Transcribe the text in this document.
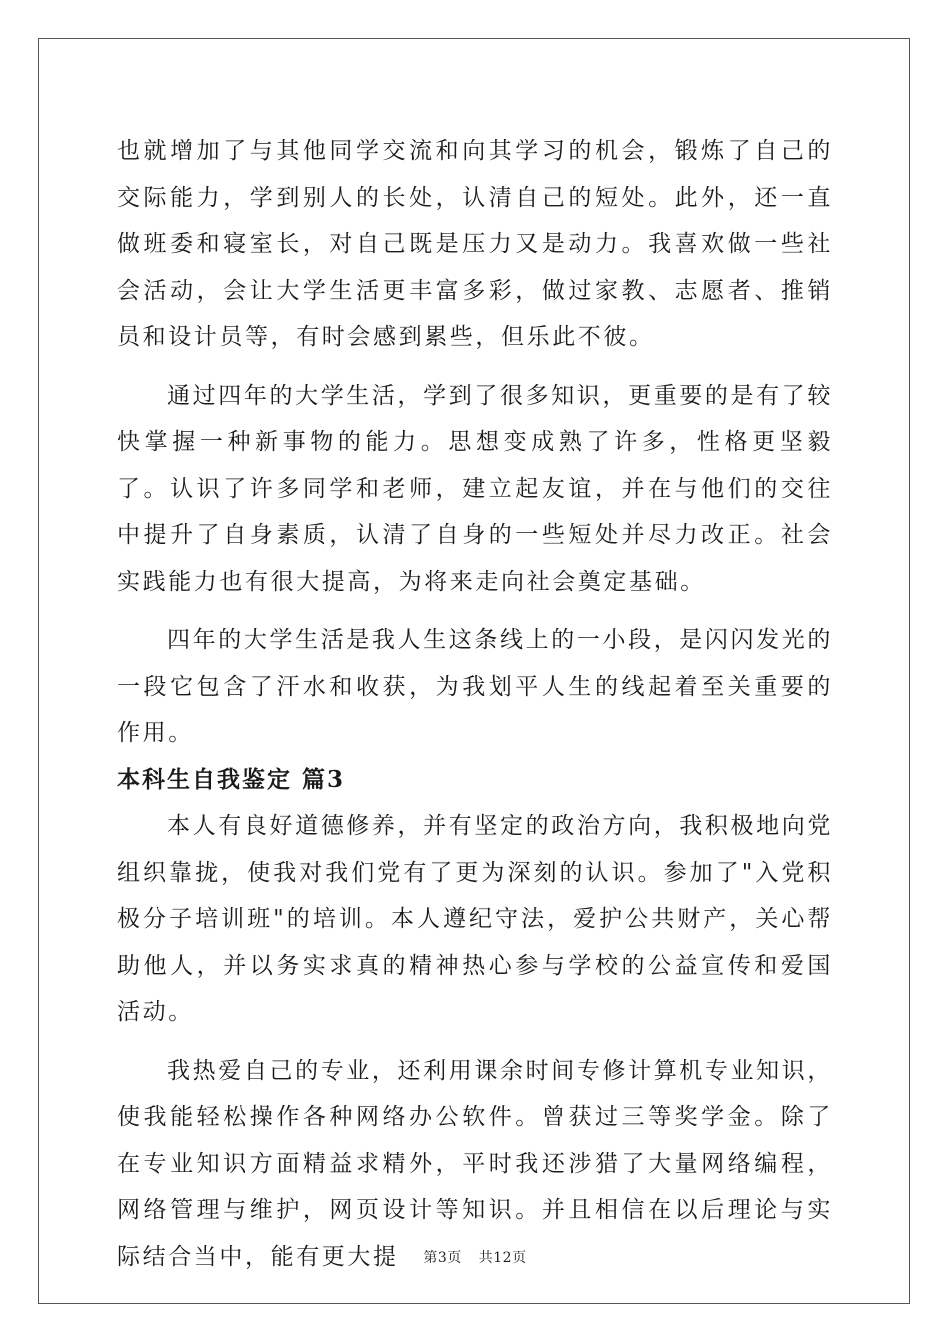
也就增加了与其他同学交流和向其学习的机会，锻炼了自己的交际能力，学到别人的长处，认清自己的短处。此外，还一直做班委和寝室长，对自己既是压力又是动力。我喜欢做一些社会活动，会让大学生活更丰富多彩，做过家教、志愿者、推销员和设计员等，有时会感到累些，但乐此不彼。

通过四年的大学生活，学到了很多知识，更重要的是有了较快掌握一种新事物的能力。思想变成熟了许多，性格更坚毅了。认识了许多同学和老师，建立起友谊，并在与他们的交往中提升了自身素质，认清了自身的一些短处并尽力改正。社会实践能力也有很大提高，为将来走向社会奠定基础。

四年的大学生活是我人生这条线上的一小段，是闪闪发光的一段它包含了汗水和收获，为我划平人生的线起着至关重要的作用。

本科生自我鉴定 篇3

本人有良好道德修养，并有坚定的政治方向，我积极地向党组织靠拢，使我对我们党有了更为深刻的认识。参加了"入党积极分子培训班"的培训。本人遵纪守法，爱护公共财产，关心帮助他人，并以务实求真的精神热心参与学校的公益宣传和爱国活动。

我热爱自己的专业，还利用课余时间专修计算机专业知识，使我能轻松操作各种网络办公软件。曾获过三等奖学金。除了在专业知识方面精益求精外，平时我还涉猎了大量网络编程，网络管理与维护，网页设计等知识。并且相信在以后理论与实际结合当中，能有更大提	第3页 共12页
